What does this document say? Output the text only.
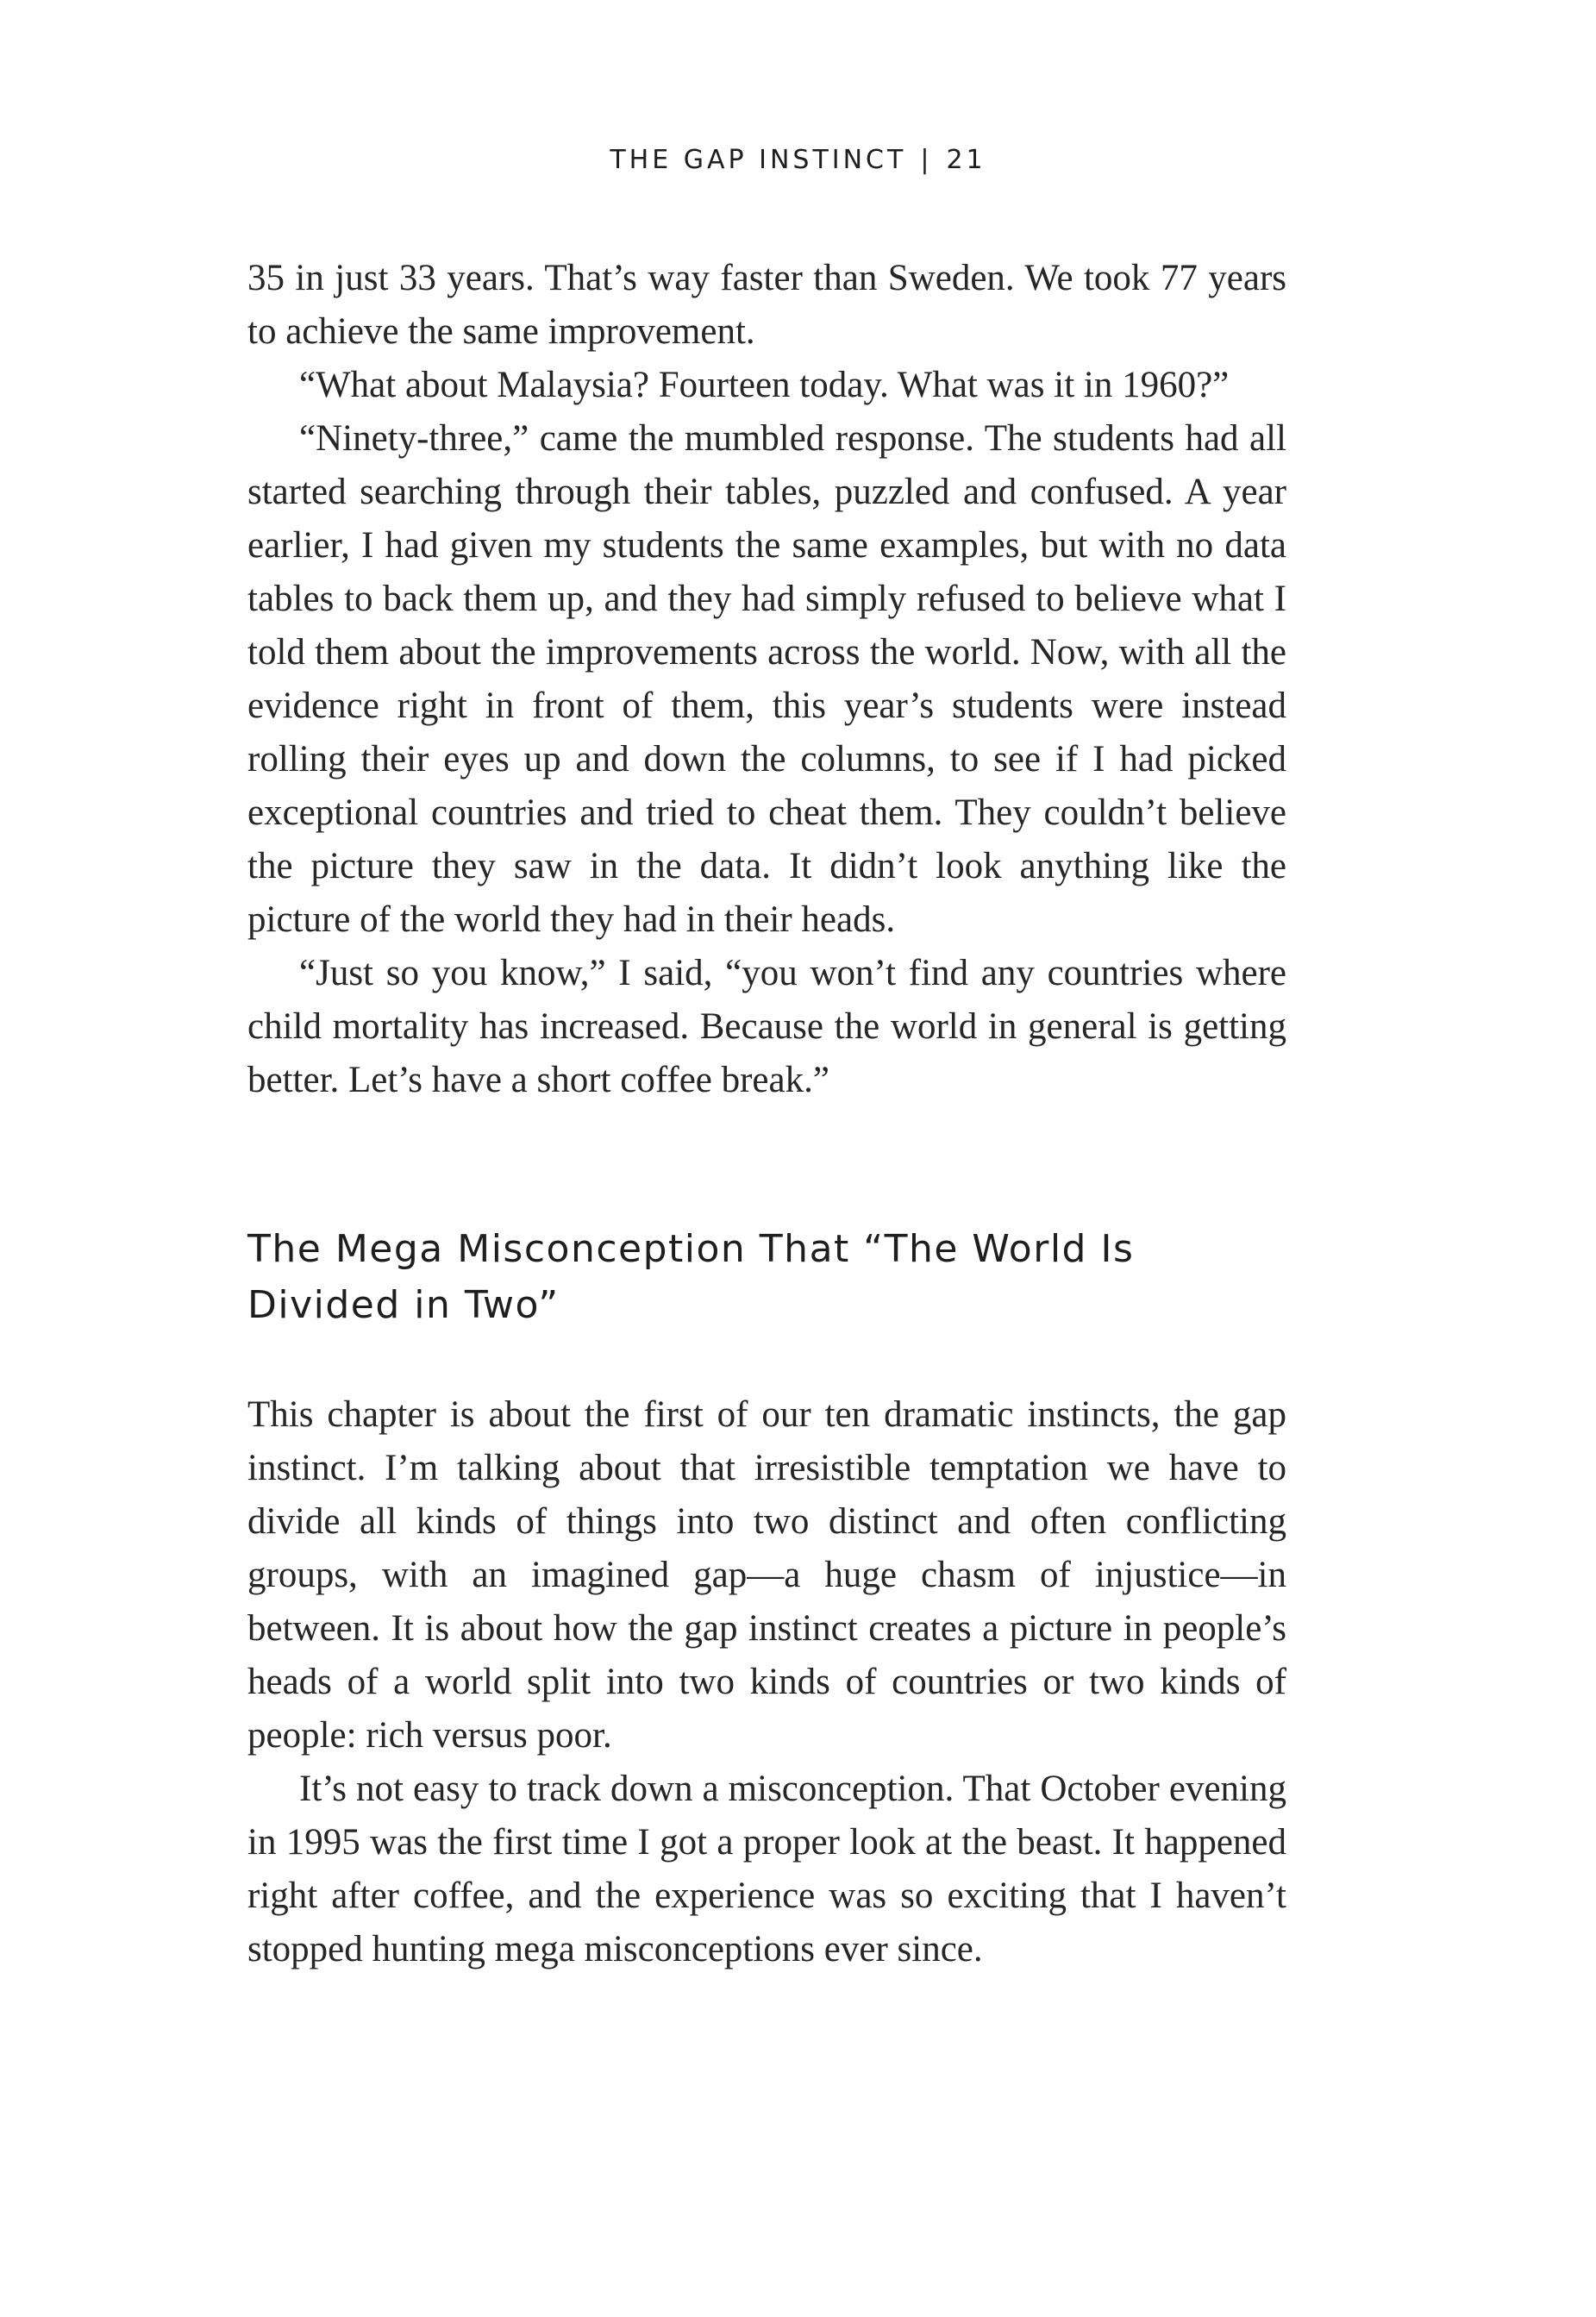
THE GAP INSTINCT | 21

35 in just 33 years. That’s way faster than Sweden. We took 77 years to achieve the same improvement.

“What about Malaysia? Fourteen today. What was it in 1960?”

“Ninety-three,” came the mumbled response. The students had all started searching through their tables, puzzled and confused. A year earlier, I had given my students the same examples, but with no data tables to back them up, and they had simply refused to believe what I told them about the improvements across the world. Now, with all the evidence right in front of them, this year’s students were instead rolling their eyes up and down the columns, to see if I had picked exceptional countries and tried to cheat them. They couldn’t believe the picture they saw in the data. It didn’t look anything like the picture of the world they had in their heads.

“Just so you know,” I said, “you won’t find any countries where child mortality has increased. Because the world in general is getting better. Let’s have a short coffee break.”

The Mega Misconception That “The World Is Divided in Two”

This chapter is about the first of our ten dramatic instincts, the gap instinct. I’m talking about that irresistible temptation we have to divide all kinds of things into two distinct and often conflicting groups, with an imagined gap—a huge chasm of injustice—in between. It is about how the gap instinct creates a picture in people’s heads of a world split into two kinds of countries or two kinds of people: rich versus poor.

It’s not easy to track down a misconception. That October evening in 1995 was the first time I got a proper look at the beast. It happened right after coffee, and the experience was so exciting that I haven’t stopped hunting mega misconceptions ever since.
